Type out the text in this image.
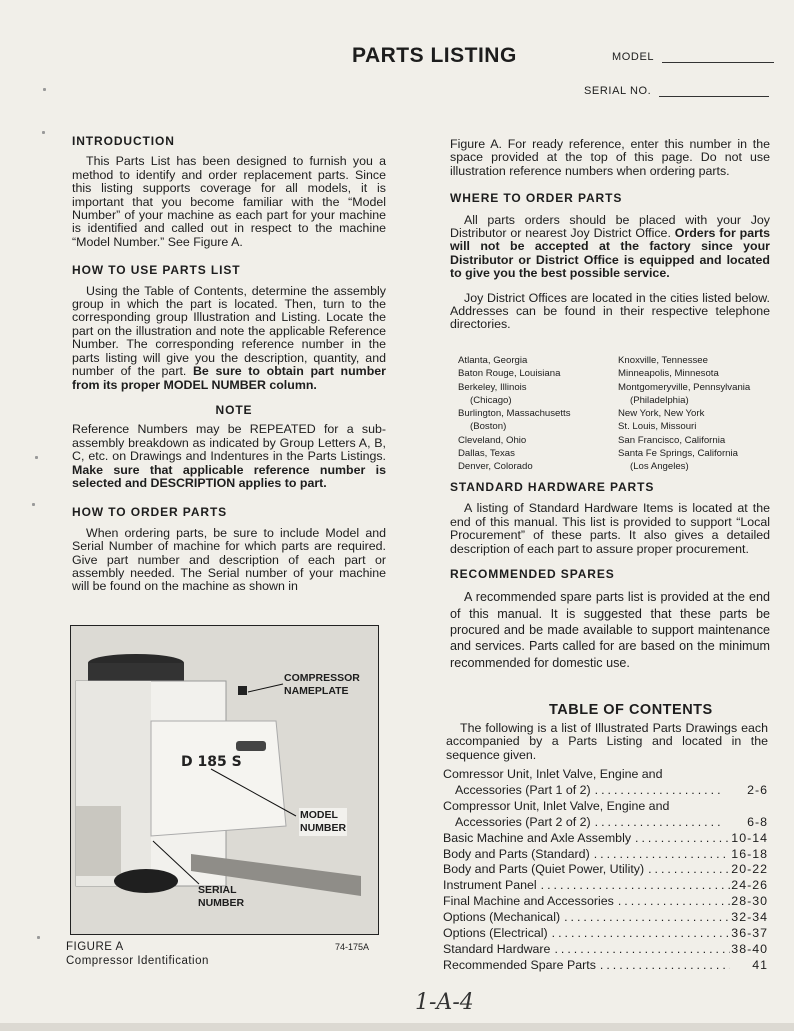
PARTS LISTING	MODEL
SERIAL NO.

INTRODUCTION

This Parts List has been designed to furnish you a method to identify and order replacement parts. Since this listing supports coverage for all models, it is important that you become familiar with the “Model Number” of your machine as each part for your machine is identified and called out in respect to the machine “Model Number.” See Figure A.

HOW TO USE PARTS LIST

Using the Table of Contents, determine the assembly group in which the part is located. Then, turn to the corresponding group Illustration and Listing. Locate the part on the illustration and note the applicable Reference Number. The corresponding reference number in the parts listing will give you the description, quantity, and number of the part. Be sure to obtain part number from its proper MODEL NUMBER column.

NOTE

Reference Numbers may be REPEATED for a sub-assembly breakdown as indicated by Group Letters A, B, C, etc. on Drawings and Indentures in the Parts Listings. Make sure that applicable reference number is selected and DESCRIPTION applies to part.

HOW TO ORDER PARTS

When ordering parts, be sure to include Model and Serial Number of machine for which parts are required. Give part number and description of each part or assembly needed. The Serial number of your machine will be found on the machine as shown in

D 185 S
COMPRESSOR
NAMEPLATE
MODEL
NUMBER
SERIAL
NUMBER
FIGURE A
Compressor Identification
74-175A

Figure A. For ready reference, enter this number in the space provided at the top of this page. Do not use illustration reference numbers when ordering parts.

WHERE TO ORDER PARTS

All parts orders should be placed with your Joy Distributor or nearest Joy District Office. Orders for parts will not be accepted at the factory since your Distributor or District Office is equipped and located to give you the best possible service.

Joy District Offices are located in the cities listed below. Addresses can be found in their respective telephone directories.

Atlanta, Georgia
Baton Rouge, Louisiana
Berkeley, Illinois
(Chicago)
Burlington, Massachusetts
(Boston)
Cleveland, Ohio
Dallas, Texas
Denver, Colorado
Knoxville, Tennessee
Minneapolis, Minnesota
Montgomeryville, Pennsylvania
(Philadelphia)
New York, New York
St. Louis, Missouri
San Francisco, California
Santa Fe Springs, California
(Los Angeles)

STANDARD HARDWARE PARTS

A listing of Standard Hardware Items is located at the end of this manual. This list is provided to support “Local Procurement” of these parts. It also gives a detailed description of each part to assure proper procurement.

RECOMMENDED SPARES

A recommended spare parts list is provided at the end of this manual. It is suggested that these parts be procured and be made available to support maintenance and services. Parts called for are based on the minimum recommended for domestic use.

TABLE OF CONTENTS

The following is a list of Illustrated Parts Drawings each accompanied by a Parts Listing and located in the sequence given.

Comressor Unit, Inlet Valve, Engine and
Accessories (Part 1 of 2) .....	2-6
Compressor Unit, Inlet Valve, Engine and
Accessories (Part 2 of 2) .....	6-8
Basic Machine and Axle Assembly .....	10-14
Body and Parts (Standard) .....	16-18
Body and Parts (Quiet Power, Utility) .....	20-22
Instrument Panel .....	24-26
Final Machine and Accessories .....	28-30
Options (Mechanical) .....	32-34
Options (Electrical) .....	36-37
Standard Hardware .....	38-40
Recommended Spare Parts .....	41
1-A-4
